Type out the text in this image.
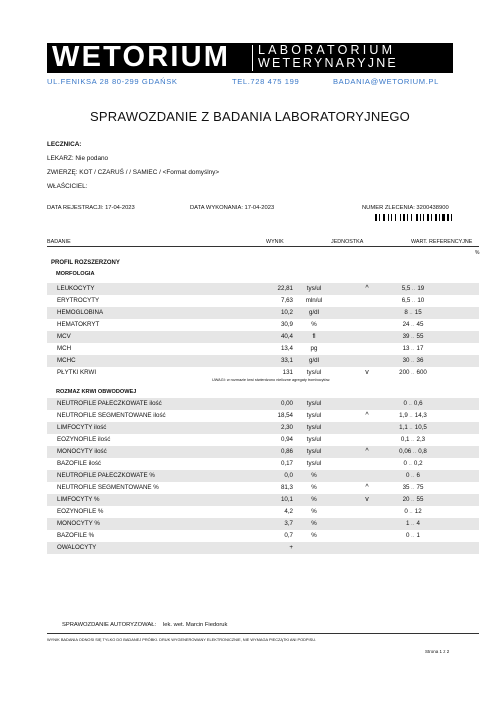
WETORIUM LABORATORIUM
WETERYNARYJNE
UL.FENIKSA 28 80-299 GDAŃSK	TEL.728 475 199	BADANIA@WETORIUM.PL
SPRAWOZDANIE Z BADANIA LABORATORYJNEGO
LECZNICA:
LEKARZ: Nie podano
ZWIERZĘ: KOT / CZARUŚ / / SAMIEC / <Format domyślny>
WŁAŚCICIEL:
DATA REJESTRACJI: 17-04-2023	DATA WYKONANIA: 17-04-2023	NUMER ZLECENIA: 3200438900
BADANIE	WYNIK	JEDNOSTKA	WART. REFERENCYJNE
%
PROFIL ROZSZERZONY
MORFOLOGIA
LEUKOCYTY	22,81	tys/ul	^	5,5 .. 19
ERYTROCYTY	7,63	mln/ul	6,5 .. 10
HEMOGLOBINA	10,2	g/dl	8 .. 15
HEMATOKRYT	30,9	%	24 .. 45
MCV	40,4	fl	39 .. 55
MCH	13,4	pg	13 .. 17
MCHC	33,1	g/dl	30 .. 36
PŁYTKI KRWI	131	tys/ul	v	200 .. 600
UWAGI: w rozmazie krwi stwierdzono nieliczne agregaty trombocytów.
ROZMAZ KRWI OBWODOWEJ
NEUTROFILE PAŁECZKOWATE ilość	0,00	tys/ul	0 .. 0,6
NEUTROFILE SEGMENTOWANE ilość	18,54	tys/ul	^	1,9 .. 14,3
LIMFOCYTY ilość	2,30	tys/ul	1,1 .. 10,5
EOZYNOFILE ilość	0,94	tys/ul	0,1 .. 2,3
MONOCYTY ilość	0,86	tys/ul	^	0,06 .. 0,8
BAZOFILE ilość	0,17	tys/ul	0 .. 0,2
NEUTROFILE PAŁECZKOWATE %	0,0	%	0 .. 6
NEUTROFILE SEGMENTOWANE %	81,3	%	^	35 .. 75
LIMFOCYTY %	10,1	%	v	20 .. 55
EOZYNOFILE %	4,2	%	0 .. 12
MONOCYTY %	3,7	%	1 .. 4
BAZOFILE %	0,7	%	0 .. 1
OWALOCYTY	+
SPRAWOZDANIE AUTORYZOWAŁ: lek. wet. Marcin Fiedoruk
WYNIK BADANIA ODNOSI SIĘ TYLKO DO BADANEJ PRÓBKI. DRUK WYGENEROWANY ELEKTRONICZNIE, NIE WYMAGA PIECZĄTKI ANI PODPISU.
Strona 1 z 2
